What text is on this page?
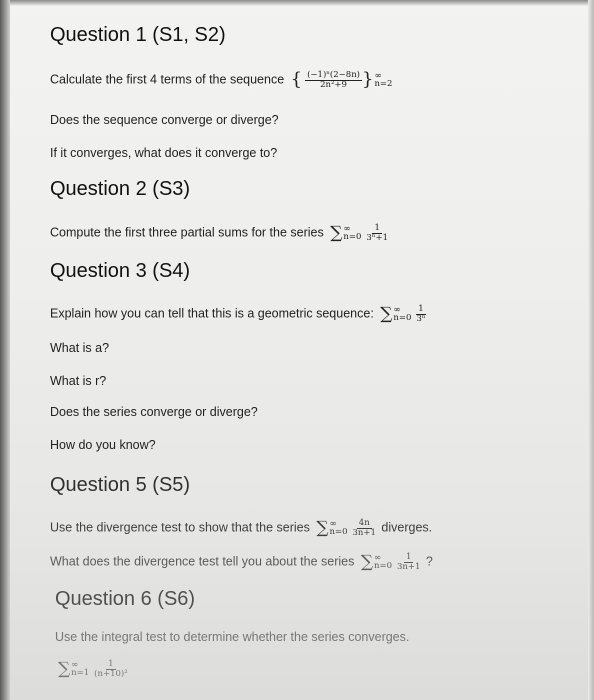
Question 1 (S1, S2)

Calculate the first 4 terms of the sequence { $\frac{\text{(−1)ⁿ(2−8n)}}{\text{2n²+9}}$ } ∞
n=2

Does the sequence converge or diverge?

If it converges, what does it converge to?

Question 2 (S3)

Compute the first three partial sums for the series ∑ ∞
$n=0 \frac{1}{\text{3ⁿ+1}}$

Question 3 (S4)

Explain how you can tell that this is a geometric sequence: ∑ ∞
$n=0 \frac{1}{\text{3ⁿ}}$

What is a?

What is r?

Does the series converge or diverge?

How do you know?

Question 5 (S5)

Use the divergence test to show that the series ∑ ∞
$n=0 \frac{4n}{3n+1}$ diverges.

What does the divergence test tell you about the series ∑ ∞
$n=0 \frac{1}{3n+1}$ ?

Question 6 (S6)

Use the integral test to determine whether the series converges.

∑ ∞
$n=1 \frac{1}{\text{(n+10)²}}$
